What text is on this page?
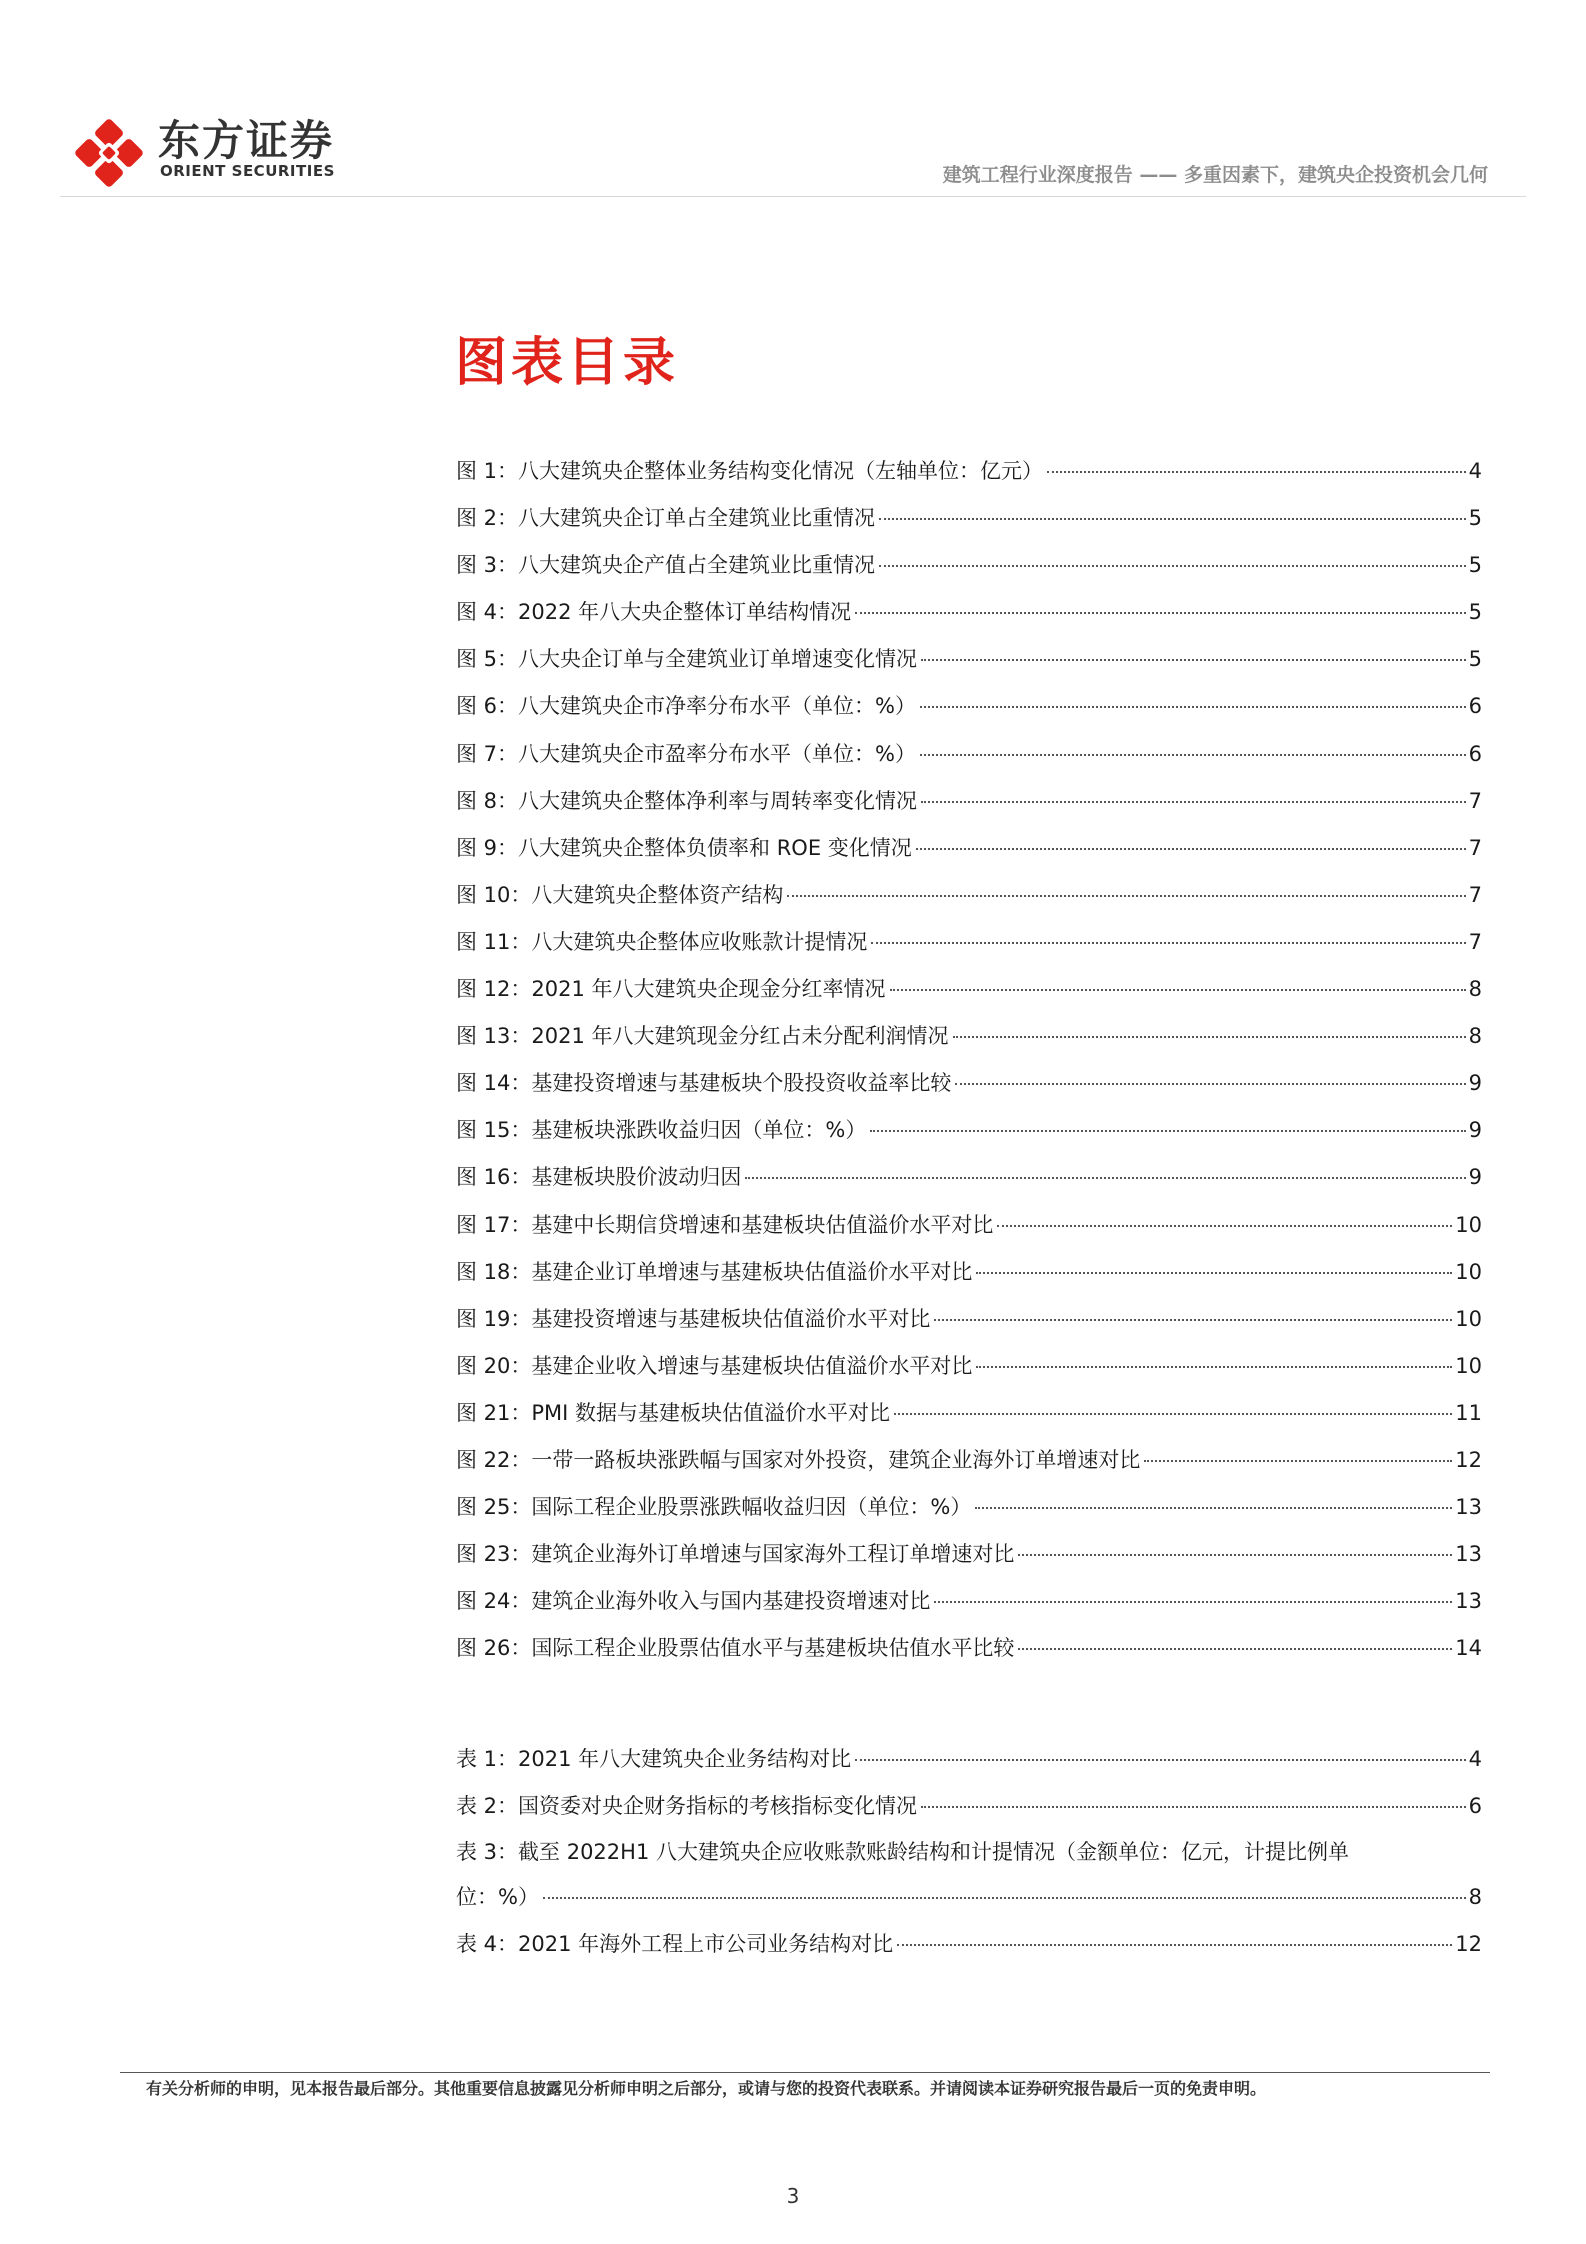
东方证券
ORIENT SECURITIES	建筑工程行业深度报告 —— 多重因素下，建筑央企投资机会几何
图表目录
图 1：八大建筑央企整体业务结构变化情况（左轴单位：亿元）	4
图 2：八大建筑央企订单占全建筑业比重情况	5
图 3：八大建筑央企产值占全建筑业比重情况	5
图 4：2022 年八大央企整体订单结构情况	5
图 5：八大央企订单与全建筑业订单增速变化情况	5
图 6：八大建筑央企市净率分布水平（单位：%）	6
图 7：八大建筑央企市盈率分布水平（单位：%）	6
图 8：八大建筑央企整体净利率与周转率变化情况	7
图 9：八大建筑央企整体负债率和 ROE 变化情况	7
图 10：八大建筑央企整体资产结构	7
图 11：八大建筑央企整体应收账款计提情况	7
图 12：2021 年八大建筑央企现金分红率情况	8
图 13：2021 年八大建筑现金分红占未分配利润情况	8
图 14：基建投资增速与基建板块个股投资收益率比较	9
图 15：基建板块涨跌收益归因（单位：%）	9
图 16：基建板块股价波动归因	9
图 17：基建中长期信贷增速和基建板块估值溢价水平对比	10
图 18：基建企业订单增速与基建板块估值溢价水平对比	10
图 19：基建投资增速与基建板块估值溢价水平对比	10
图 20：基建企业收入增速与基建板块估值溢价水平对比	10
图 21：PMI 数据与基建板块估值溢价水平对比	11
图 22：一带一路板块涨跌幅与国家对外投资，建筑企业海外订单增速对比	12
图 25：国际工程企业股票涨跌幅收益归因（单位：%）	13
图 23：建筑企业海外订单增速与国家海外工程订单增速对比	13
图 24：建筑企业海外收入与国内基建投资增速对比	13
图 26：国际工程企业股票估值水平与基建板块估值水平比较	14
表 1：2021 年八大建筑央企业务结构对比	4
表 2：国资委对央企财务指标的考核指标变化情况	6
表 3：截至 2022H1 八大建筑央企应收账款账龄结构和计提情况（金额单位：亿元，计提比例单
位：%）	8
表 4：2021 年海外工程上市公司业务结构对比	12
有关分析师的申明，见本报告最后部分。其他重要信息披露见分析师申明之后部分，或请与您的投资代表联系。并请阅读本证券研究报告最后一页的免责申明。
3
